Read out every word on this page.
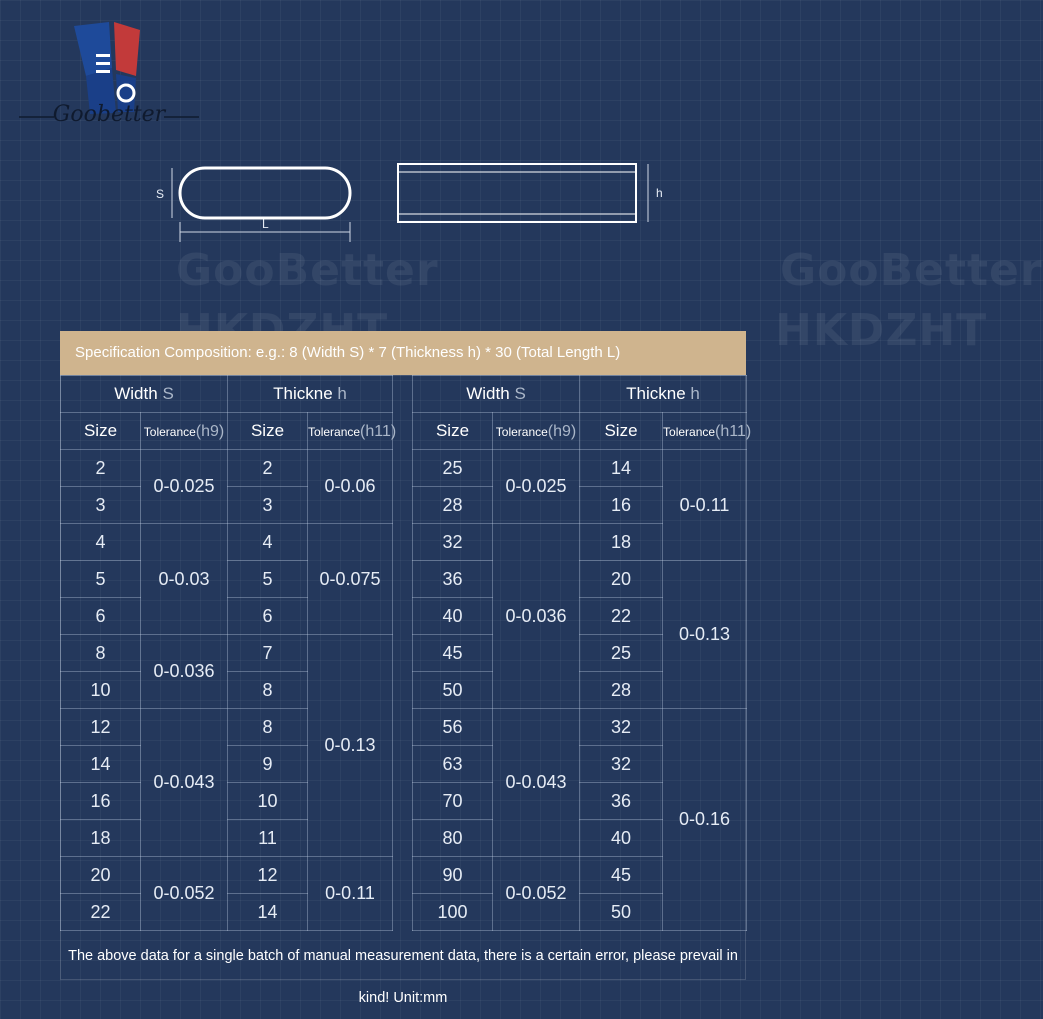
Goobetter
S
L
h
GooBetter	GooBetter
HKDZHT
Specification Composition: e.g.: 8 (Width S) * 7 (Thickness h) * 30 (Total Length L)
Width S		Thickne h	
Size	Tolerance(h9)	Size	Tolerance(h11)
2	0-0.025	2	0-0.06
3		3	
4	0-0.03	4	0-0.075
5		5	
6		6	
8	0-0.036	7	0-0.13
10		8	
12	0-0.043	8	
14		9	
16		10	
18		11	
20	0-0.052	12	0-0.11
22		14	
Width S		Thickne h	
Size	Tolerance(h9)	Size	Tolerance(h11)
25	0-0.025	14	0-0.11
28		16	
32	0-0.036	18	
36		20	0-0.13
40		22	
45		25	
50		28	
56	0-0.043	32	0-0.16
63		32	
70		36	
80		40	
90	0-0.052	45	
100		50	
The above data for a single batch of manual measurement data, there is a certain error, please prevail in kind! Unit:mm
